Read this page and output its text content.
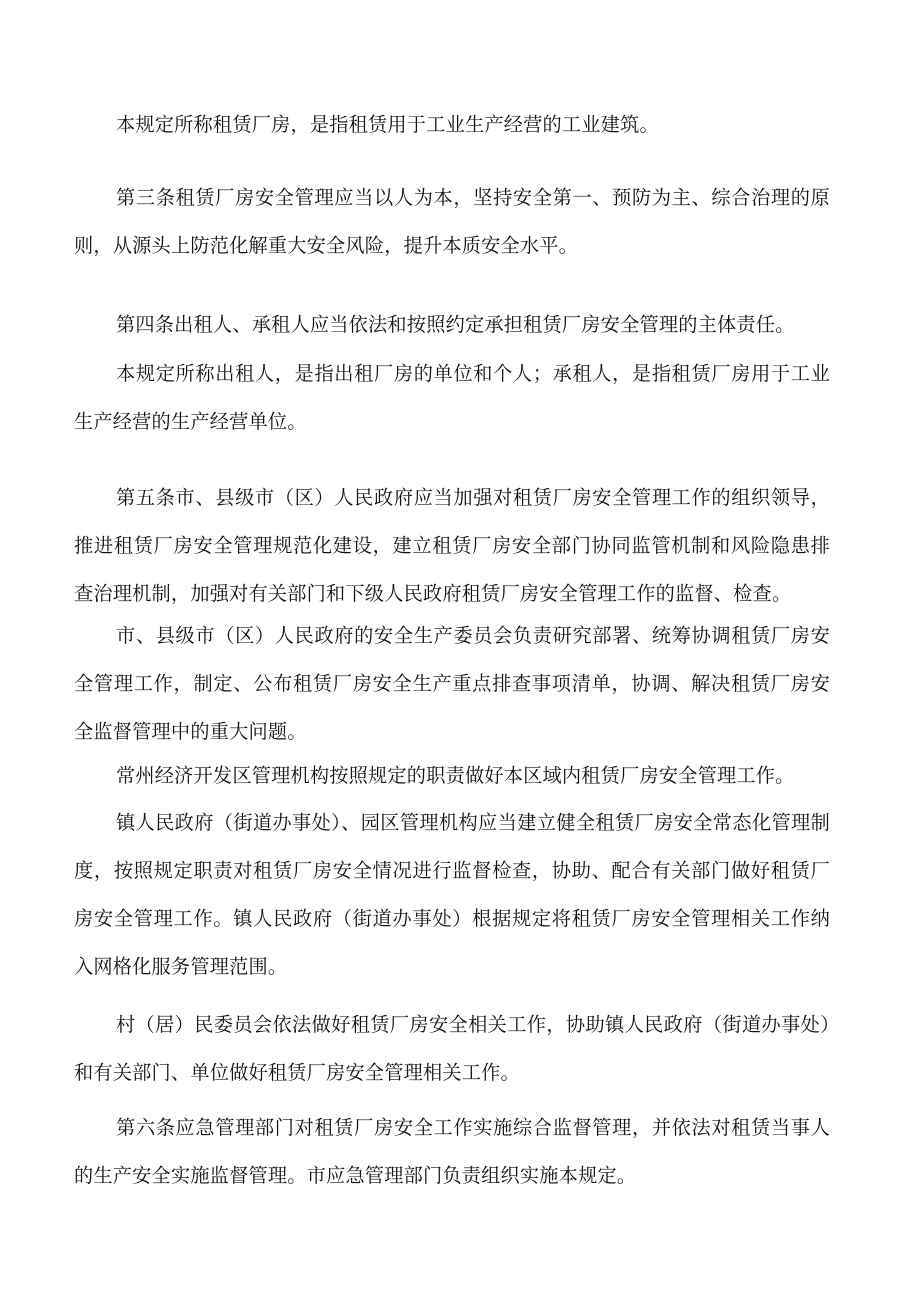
本规定所称租赁厂房，是指租赁用于工业生产经营的工业建筑。

第三条租赁厂房安全管理应当以人为本，坚持安全第一、预防为主、综合治理的原则，从源头上防范化解重大安全风险，提升本质安全水平。

第四条出租人、承租人应当依法和按照约定承担租赁厂房安全管理的主体责任。

本规定所称出租人，是指出租厂房的单位和个人；承租人，是指租赁厂房用于工业生产经营的生产经营单位。

第五条市、县级市（区）人民政府应当加强对租赁厂房安全管理工作的组织领导，推进租赁厂房安全管理规范化建设，建立租赁厂房安全部门协同监管机制和风险隐患排查治理机制，加强对有关部门和下级人民政府租赁厂房安全管理工作的监督、检查。

市、县级市（区）人民政府的安全生产委员会负责研究部署、统筹协调租赁厂房安全管理工作，制定、公布租赁厂房安全生产重点排查事项清单，协调、解决租赁厂房安全监督管理中的重大问题。

常州经济开发区管理机构按照规定的职责做好本区域内租赁厂房安全管理工作。

镇人民政府（街道办事处）、园区管理机构应当建立健全租赁厂房安全常态化管理制度，按照规定职责对租赁厂房安全情况进行监督检查，协助、配合有关部门做好租赁厂房安全管理工作。镇人民政府（街道办事处）根据规定将租赁厂房安全管理相关工作纳入网格化服务管理范围。

村（居）民委员会依法做好租赁厂房安全相关工作，协助镇人民政府（街道办事处）和有关部门、单位做好租赁厂房安全管理相关工作。

第六条应急管理部门对租赁厂房安全工作实施综合监督管理，并依法对租赁当事人的生产安全实施监督管理。市应急管理部门负责组织实施本规定。
